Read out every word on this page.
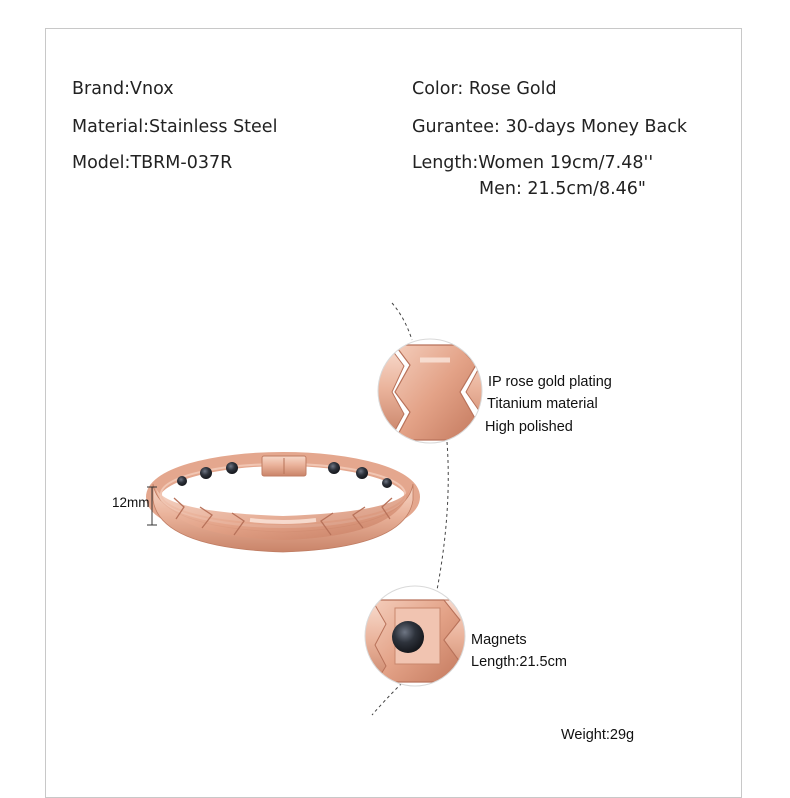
Brand:Vnox
Material:Stainless Steel
Model:TBRM-037R
Color: Rose Gold
Gurantee: 30-days Money Back
Length:Women 19cm/7.48''
Men: 21.5cm/8.46"
IP rose gold plating
Titanium material
High polished
Magnets
Length:21.5cm
12mm
Weight:29g
